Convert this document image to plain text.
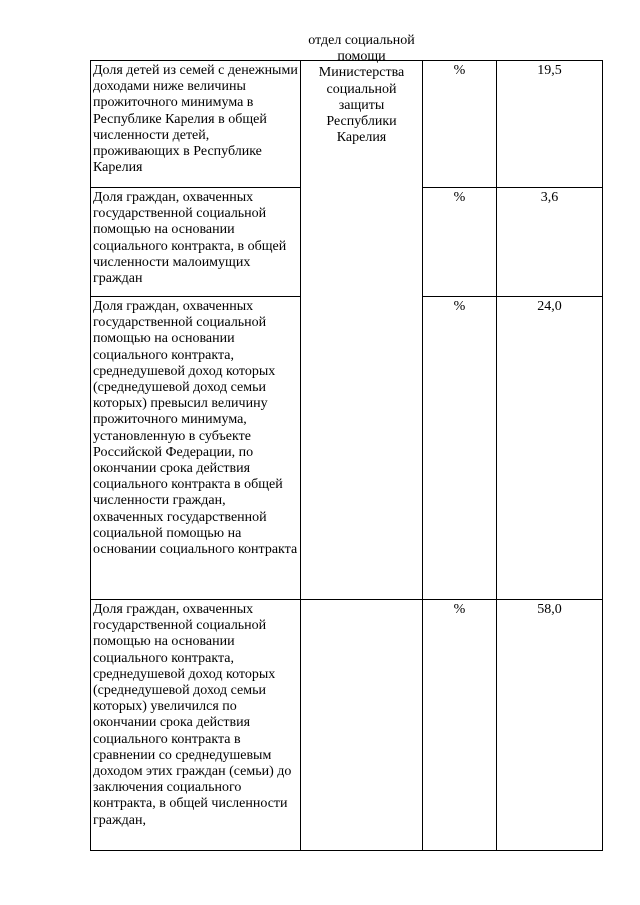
Доля детей из семей с денежными доходами ниже величины прожиточного минимума в Республике Карелия в общей численности детей, проживающих в Республике Карелия	отдел социальной помощи Министерства социальной защиты Республики Карелия	%	19,5

Доля граждан, охваченных государственной социальной помощью на основании социального контракта, в общей численности малоимущих граждан		%	3,6

Доля граждан, охваченных государственной социальной помощью на основании социального контракта, среднедушевой доход которых (среднедушевой доход семьи которых) превысил величину прожиточного минимума, установленную в субъекте Российской Федерации, по окончании срока действия социального контракта в общей численности граждан, охваченных государственной социальной помощью на основании социального контракта		%	24,0

Доля граждан, охваченных государственной социальной помощью на основании социального контракта, среднедушевой доход которых (среднедушевой доход семьи которых) увеличился по окончании срока действия социального контракта в сравнении со среднедушевым доходом этих граждан (семьи) до заключения социального контракта, в общей численности граждан,		%	58,0
